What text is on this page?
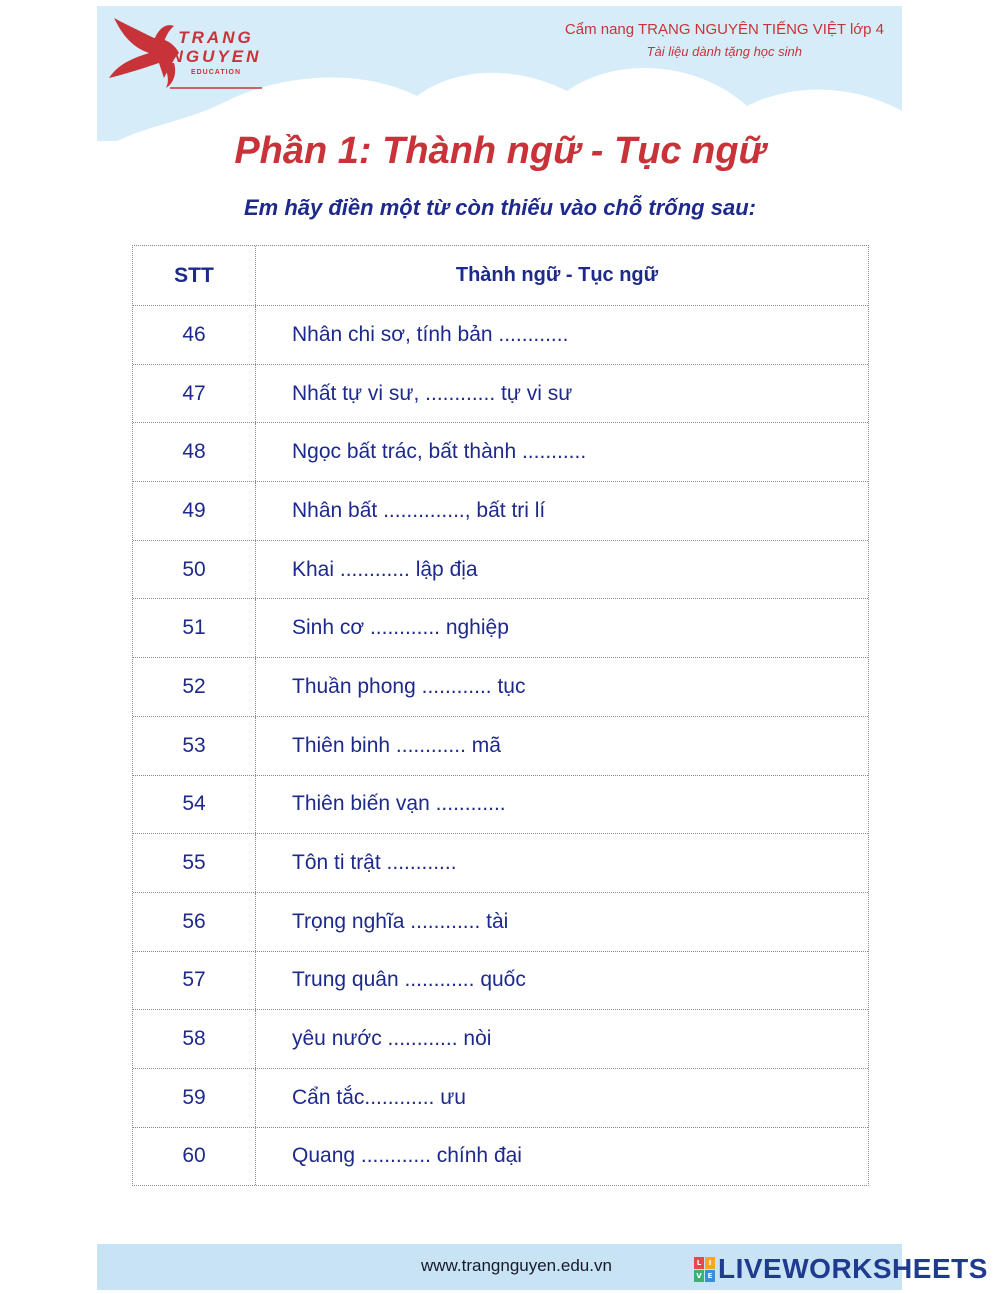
TRANG
NGUYEN
EDUCATION
Cẩm nang TRẠNG NGUYÊN TIẾNG VIỆT lớp 4
Tài liệu dành tặng học sinh
Phần 1: Thành ngữ - Tục ngữ
Em hãy điền một từ còn thiếu vào chỗ trống sau:
STT	Thành ngữ - Tục ngữ
46	Nhân chi sơ, tính bản ............
47	Nhất tự vi sư, ............ tự vi sư
48	Ngọc bất trác, bất thành ...........
49	Nhân bất .............., bất tri lí
50	Khai ............ lập địa
51	Sinh cơ ............ nghiệp
52	Thuần phong ............ tục
53	Thiên binh ............ mã
54	Thiên biến vạn ............
55	Tôn ti trật ............
56	Trọng nghĩa ............ tài
57	Trung quân ............ quốc
58	yêu nước ............ nòi
59	Cẩn tắc............ ưu
60	Quang ............ chính đại
www.trangnguyen.edu.vn	L	I
V E LIVEWORKSHEETS
